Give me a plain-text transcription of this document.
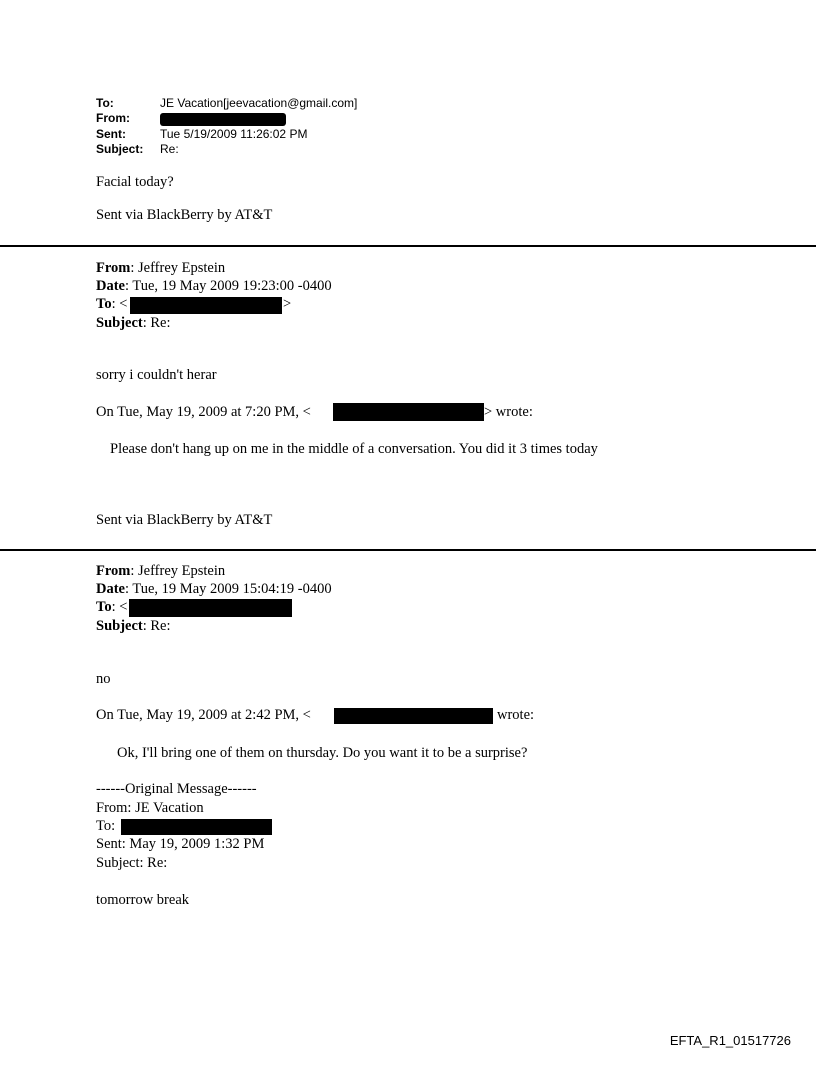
To:	JE Vacation[jeevacation@gmail.com]
From:
Sent:	Tue 5/19/2009 11:26:02 PM
Subject: Re:
Facial today?
Sent via BlackBerry by AT&T
From: Jeffrey Epstein
Date: Tue, 19 May 2009 19:23:00 -0400
To: <	>
Subject: Re:
sorry i couldn't herar
On Tue, May 19, 2009 at 7:20 PM, <	> wrote:
Please don't hang up on me in the middle of a conversation. You did it 3 times today
Sent via BlackBerry by AT&T
From: Jeffrey Epstein
Date: Tue, 19 May 2009 15:04:19 -0400
To: <
Subject: Re:
no
On Tue, May 19, 2009 at 2:42 PM, <	wrote:
Ok, I'll bring one of them on thursday. Do you want it to be a surprise?
------Original Message------
From: JE Vacation
To:
Sent: May 19, 2009 1:32 PM
Subject: Re:
tomorrow break
EFTA_R1_01517726
